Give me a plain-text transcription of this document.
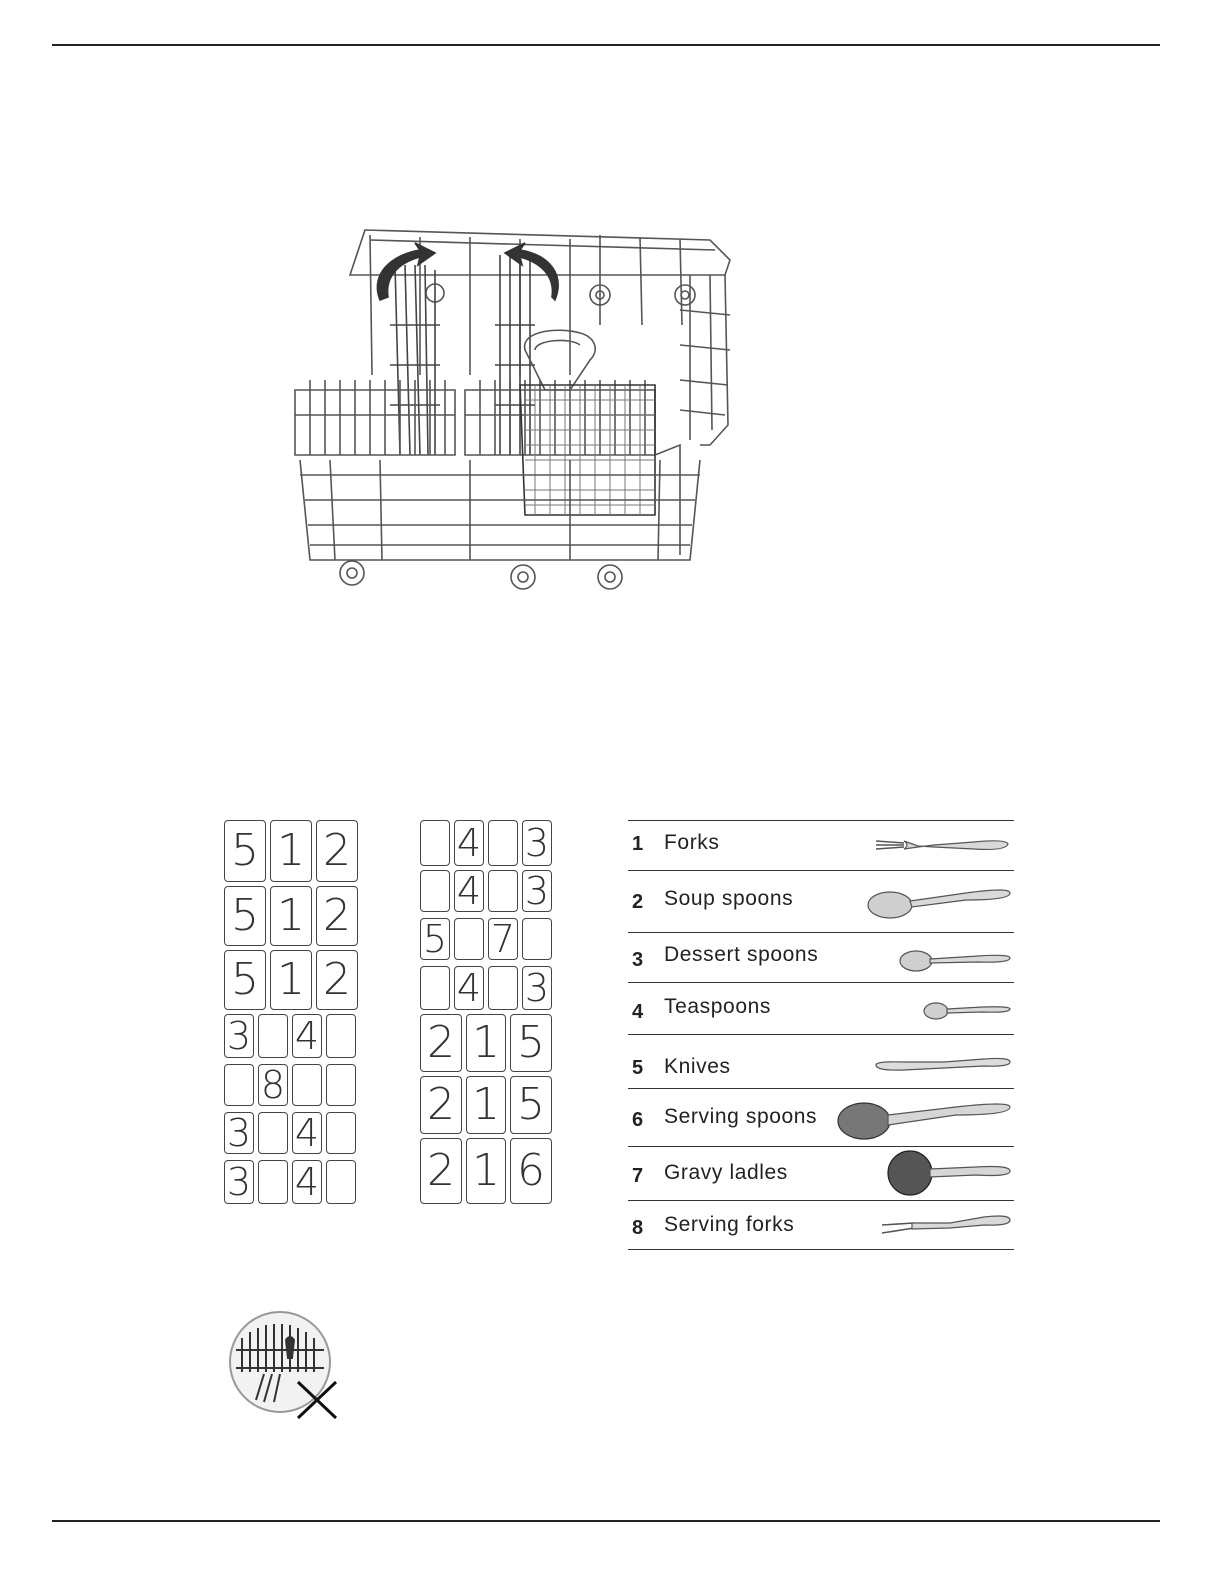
5 1 2
5 1 2
5 1 2
3 4
8
3 4
3 4
4 3
4 3
5 7
4 3
2 1 5
2 1 5
2 1 6
1 Forks
2 Soup spoons
3 Dessert spoons
4 Teaspoons
5 Knives
6 Serving spoons
7 Gravy ladles
8 Serving forks
